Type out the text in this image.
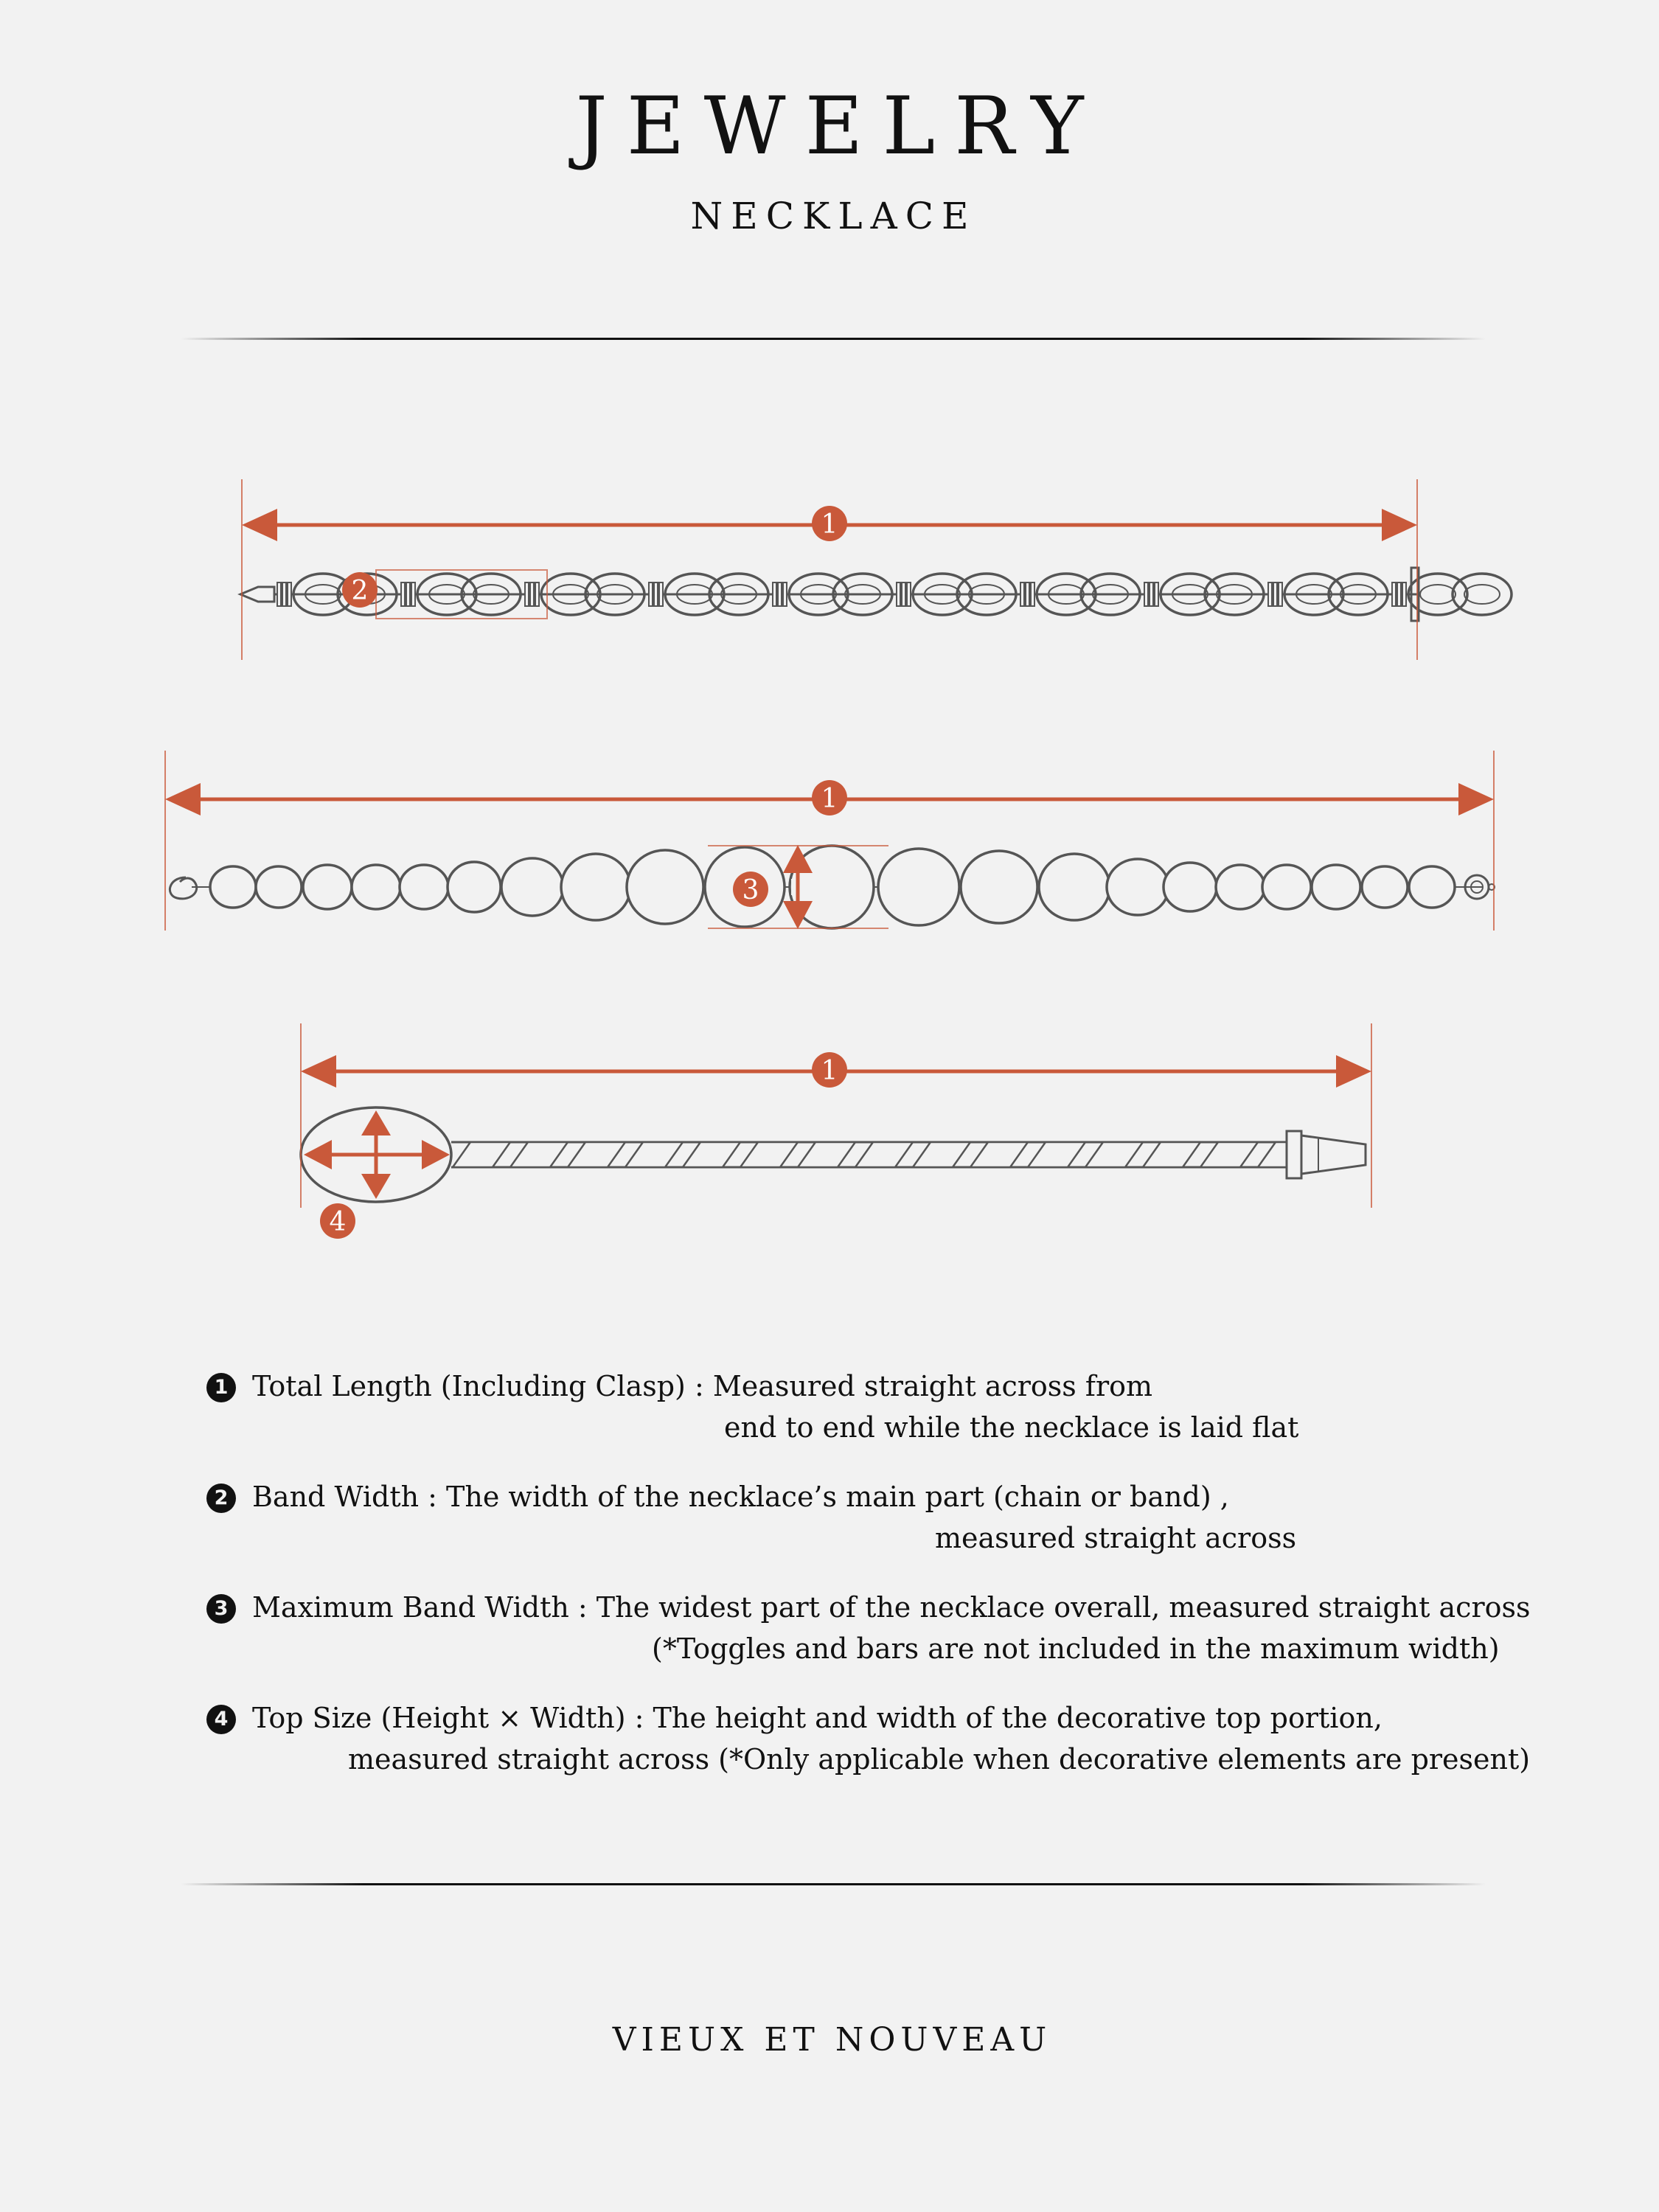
JEWELRY
NECKLACE
1
1
1
2
3
4
1 Total Length (Including Clasp) : Measured straight across from
end to end while the necklace is laid flat
2 Band Width : The width of the necklace’s main part (chain or band) ,
measured straight across
3 Maximum Band Width : The widest part of the necklace overall, measured straight across
(*Toggles and bars are not included in the maximum width)
4 Top Size (Height × Width) : The height and width of the decorative top portion,
measured straight across (*Only applicable when decorative elements are present)
VIEUX ET NOUVEAU
